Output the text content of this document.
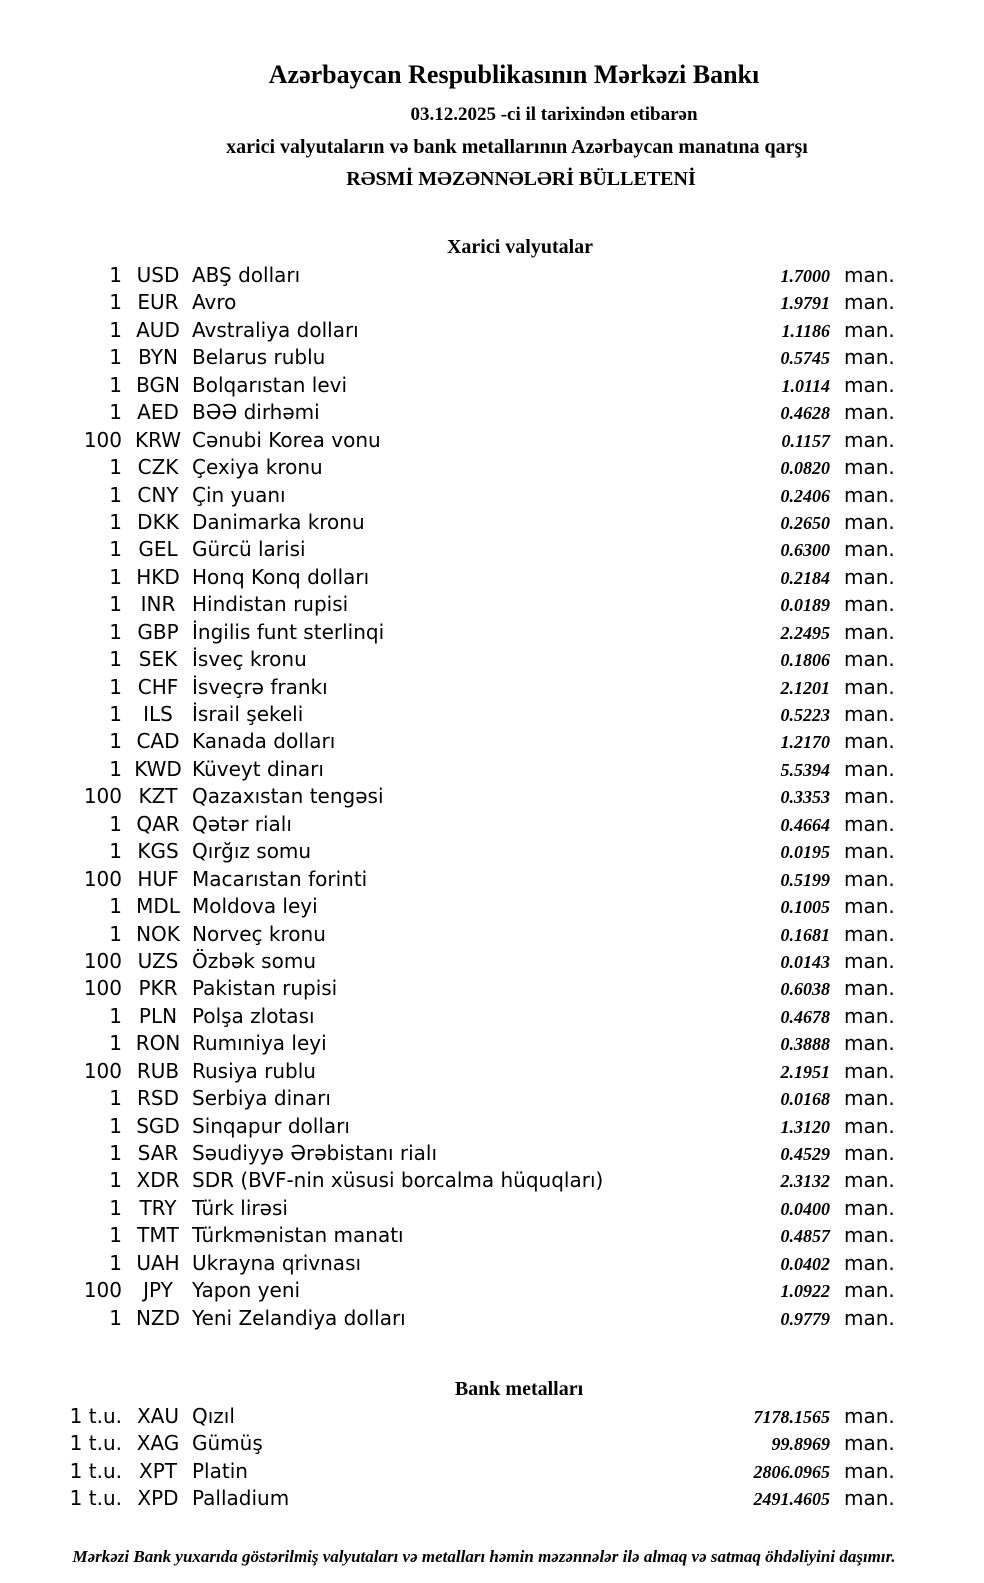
Azərbaycan Respublikasının Mərkəzi Bankı
03.12.2025 -ci il tarixindən etibarən
xarici valyutaların və bank metallarının Azərbaycan manatına qarşı
RƏSMİ MƏZƏNNƏLƏRİ BÜLLETENİ
Xarici valyutalar
1 USD ABŞ dolları	1.7000 man.
1 EUR Avro	1.9791 man.
1 AUD Avstraliya dolları	1.1186 man.
1 BYN Belarus rublu	0.5745 man.
1 BGN Bolqarıstan levi	1.0114 man.
1 AED BƏƏ dirhəmi	0.4628 man.
100 KRW Cənubi Korea vonu	0.1157 man.
1 CZK Çexiya kronu	0.0820 man.
1 CNY Çin yuanı	0.2406 man.
1 DKK Danimarka kronu	0.2650 man.
1 GEL Gürcü larisi	0.6300 man.
1 HKD Honq Konq dolları	0.2184 man.
1 INR Hindistan rupisi	0.0189 man.
1 GBP İngilis funt sterlinqi	2.2495 man.
1 SEK İsveç kronu	0.1806 man.
1 CHF İsveçrə frankı	2.1201 man.
1	ILS İsrail şekeli	0.5223 man.
1 CAD Kanada dolları	1.2170 man.
1 KWD Küveyt dinarı	5.5394 man.
100 KZT Qazaxıstan tengəsi	0.3353 man.
1 QAR Qətər rialı	0.4664 man.
1 KGS Qırğız somu	0.0195 man.
100 HUF Macarıstan forinti	0.5199 man.
1 MDL Moldova leyi	0.1005 man.
1 NOK Norveç kronu	0.1681 man.
100 UZS Özbək somu	0.0143 man.
100 PKR Pakistan rupisi	0.6038 man.
1 PLN Polşa zlotası	0.4678 man.
1 RON Rumıniya leyi	0.3888 man.
100 RUB Rusiya rublu	2.1951 man.
1 RSD Serbiya dinarı	0.0168 man.
1 SGD Sinqapur dolları	1.3120 man.
1 SAR Səudiyyə Ərəbistanı rialı	0.4529 man.
1 XDR SDR (BVF-nin xüsusi borcalma hüquqları)	2.3132 man.
1 TRY Türk lirəsi	0.0400 man.
1 TMT Türkmənistan manatı	0.4857 man.
1 UAH Ukrayna qrivnası	0.0402 man.
100	JPY Yapon yeni	1.0922 man.
1 NZD Yeni Zelandiya dolları	0.9779 man.
Bank metalları
1 t.u. XAU Qızıl	7178.1565 man.
1 t.u. XAG Gümüş	99.8969 man.
1 t.u. XPT Platin	2806.0965 man.
1 t.u. XPD Palladium	2491.4605 man.
Mərkəzi Bank yuxarıda göstərilmiş valyutaları və metalları həmin məzənnələr ilə almaq və satmaq öhdəliyini daşımır.
